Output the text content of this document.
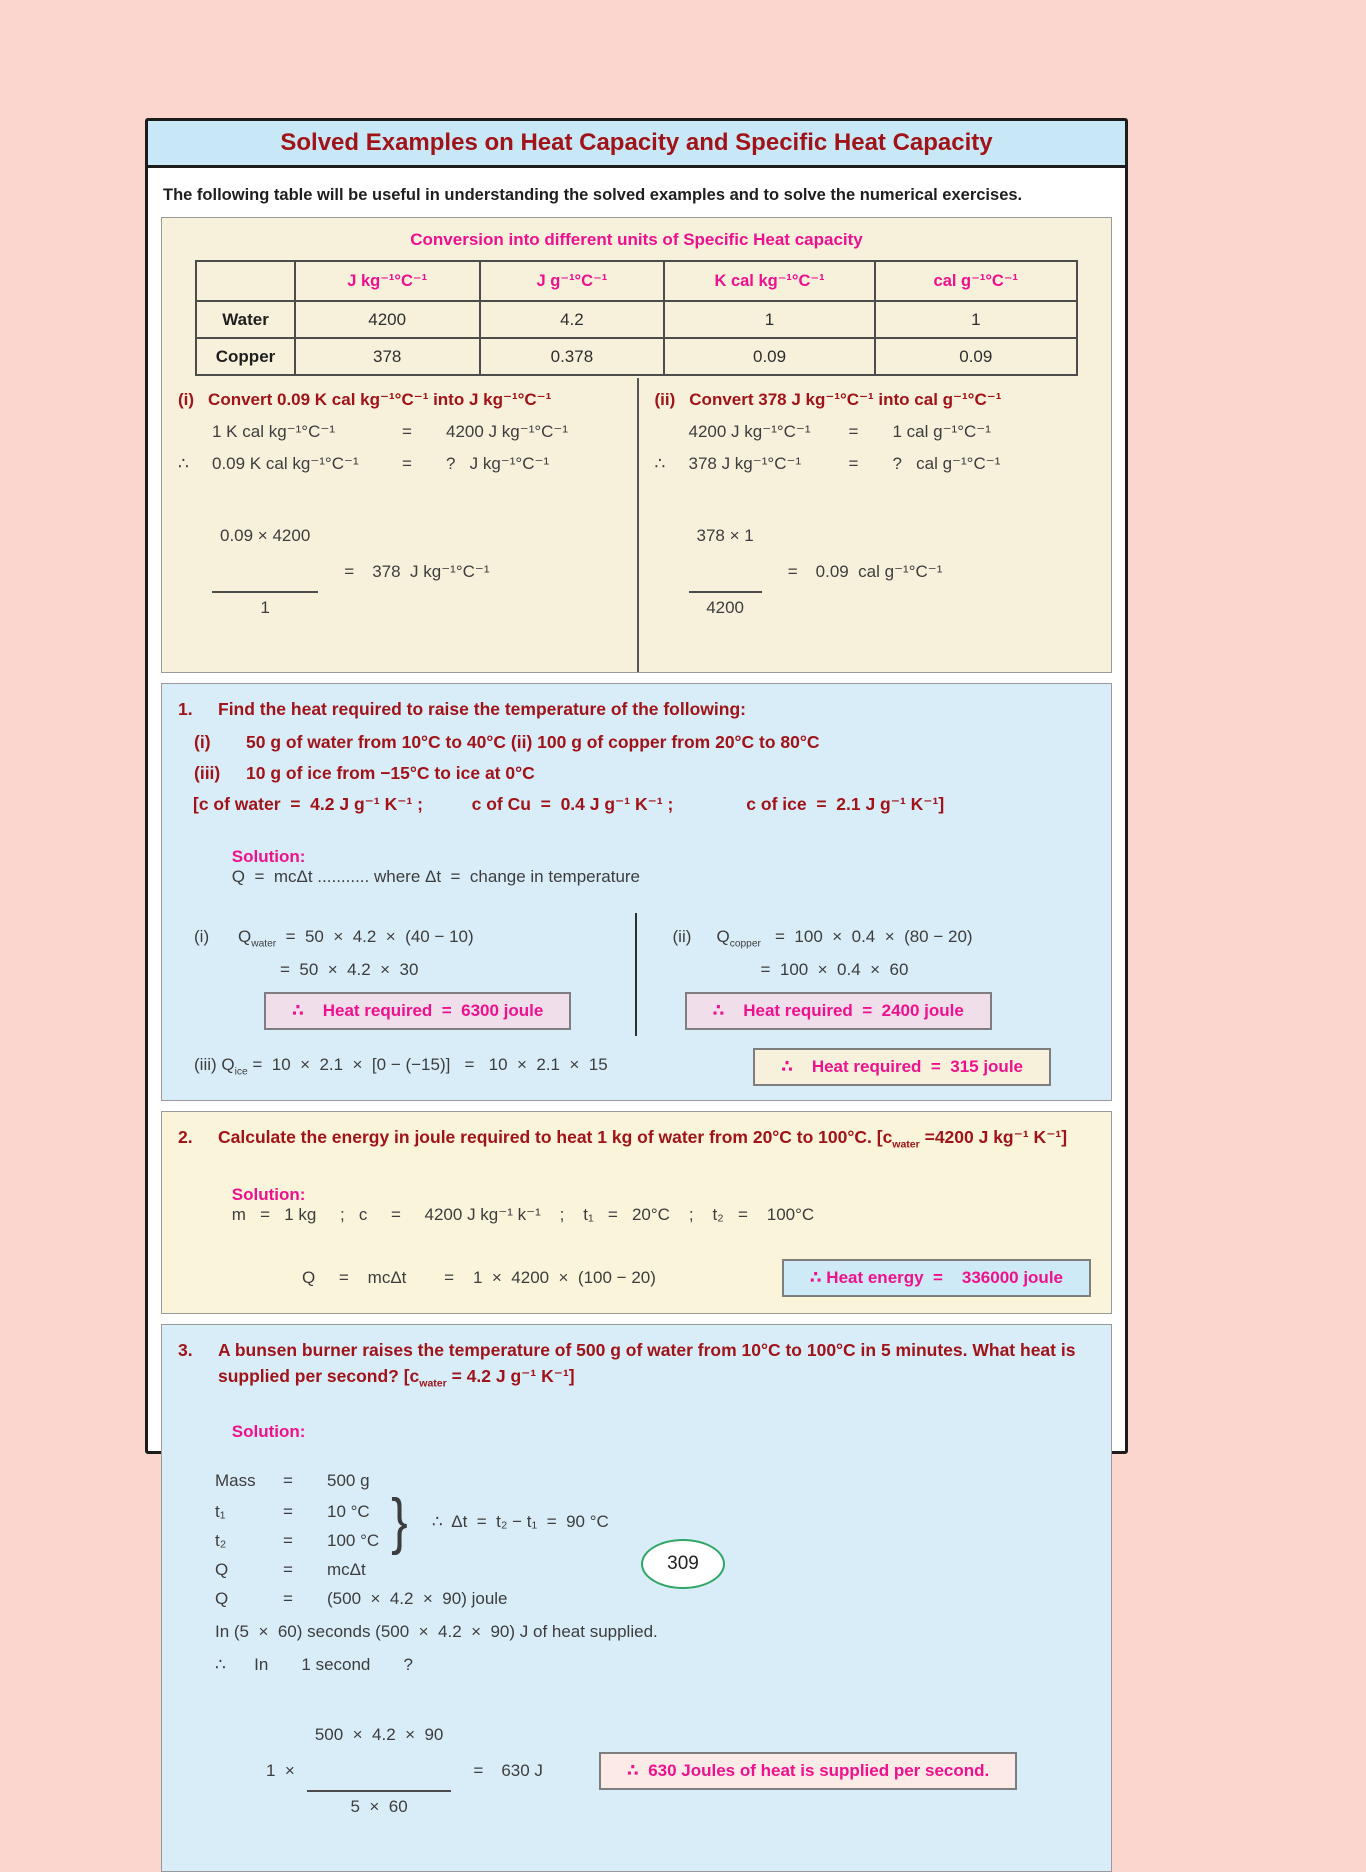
Solved Examples on Heat Capacity and Specific Heat Capacity

The following table will be useful in understanding the solved examples and to solve the numerical exercises.

Conversion into different units of Specific Heat capacity
	J kg⁻¹°C⁻¹	J g⁻¹°C⁻¹	K cal kg⁻¹°C⁻¹	cal g⁻¹°C⁻¹
Water	4200	4.2	1	1
Copper	378	0.378	0.09	0.09
(i) Convert 0.09 K cal kg⁻¹°C⁻¹ into J kg⁻¹°C⁻¹

1 K cal kg⁻¹°C⁻¹	=	4200 J kg⁻¹°C⁻¹
∴	0.09 K cal kg⁻¹°C⁻¹	=	?   J kg⁻¹°C⁻¹

$\frac{0.09 \times 4200}{1}$

= 378  J kg⁻¹°C⁻¹
(ii) Convert 378 J kg⁻¹°C⁻¹ into cal g⁻¹°C⁻¹

4200 J kg⁻¹°C⁻¹	=	1 cal g⁻¹°C⁻¹
∴	378 J kg⁻¹°C⁻¹	=	?   cal g⁻¹°C⁻¹

$\frac{378 \times 1}{4200}$

= 0.09  cal g⁻¹°C⁻¹
1.	Find the heat required to raise the temperature of the following:
(i)	50 g of water from 10°C to 40°C (ii) 100 g of copper from 20°C to 80°C
(iii)	10 g of ice from −15°C to ice at 0°C
[c of water  =  4.2 J g⁻¹ K⁻¹ ;          c of Cu  =  0.4 J g⁻¹ K⁻¹ ;               c of ice  =  2.1 J g⁻¹ K⁻¹]

Solution:
Q  =  mcΔt ........... where Δt  =  change in temperature

(i)	$Q_{water} = 50 \times 4.2 \times (40 - 10)$
=  50  ×  4.2  ×  30
∴    Heat required  =  6300 joule
(ii)	$Q_{copper} = 100 \times 0.4 \times (80 - 20)$
=  100  ×  0.4  ×  60
∴    Heat required  =  2400 joule
(iii) $Q_{ice} = 10 \times 2.1 \times [0 - (-15)] = 10 \times 2.1 \times 15$	∴    Heat required  =  315 joule
2.	Calculate the energy in joule required to heat 1 kg of water from 20°C to 100°C. [$c_{water} =4200$ J kg⁻¹ K⁻¹]

Solution:
m   =   1 kg     ;   c     =     4200 J kg⁻¹ k⁻¹    ;    t₁   =   20°C    ;    t₂   =    100°C

Q     =    mcΔt        =    1  ×  4200  ×  (100 − 20)	∴ Heat energy  =    336000 joule
3.	A bunsen burner raises the temperature of 500 g of water from 10°C to 100°C in 5 minutes. What heat is supplied per second? [$c_{water} = 4.2$ J g⁻¹ K⁻¹]

Solution:

Mass	=	500 g
t₁	=	10 °C
t₂	=	100 °C } ∴  Δt  =  t₂ − t₁  =  90 °C
Q	=	mcΔt
Q	=	(500  ×  4.2  ×  90) joule
In (5  ×  60) seconds (500  ×  4.2  ×  90) J of heat supplied.
∴      In       1 second       ?
1  ×

$\frac{500 \times 4.2 \times 90}{5 \times 60}$

= 630 J	∴  630 Joules of heat is supplied per second.
309
